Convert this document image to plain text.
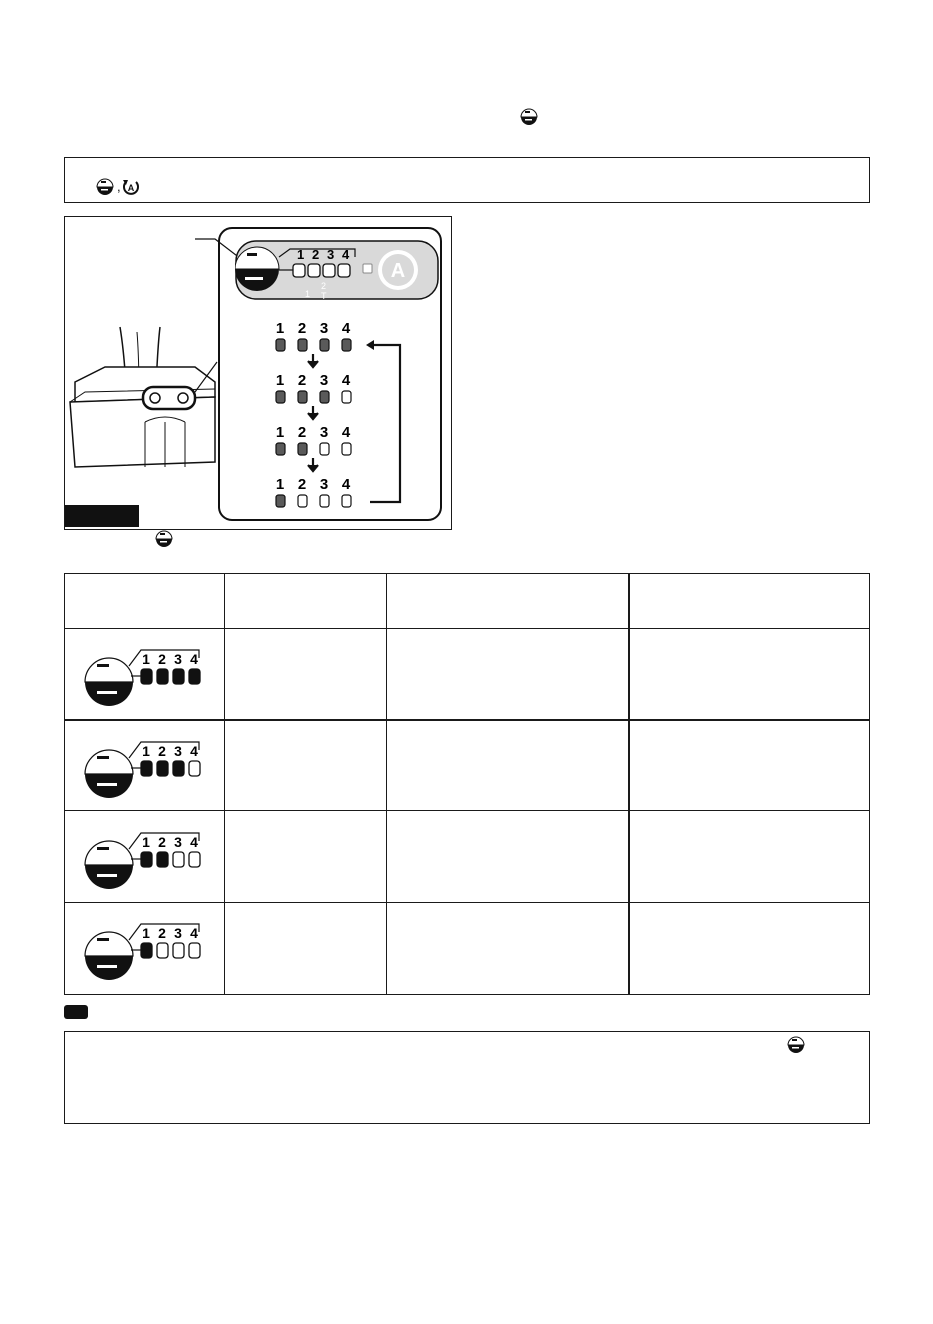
, A
1 2 3 4
1
2
T
A
1 2 3 4
1 2 3 4
1 2 3 4
1 2 3 4
1 2 3 4
1 2 3 4
1 2 3 4
1 2 3 4
